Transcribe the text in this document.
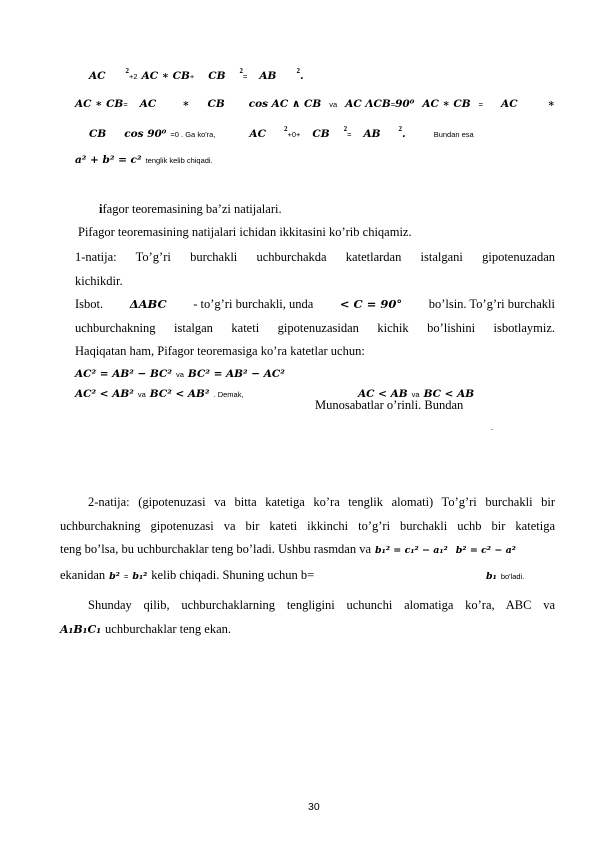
AC	$^2$+2 AC ∗ CB+ CB $^2$= AB	$^2$.
AC ∗ CB= AC ∗ CB cos AC ∧ CB va AC ΛCB=90⁰ AC ∗ CB = AC	∗
CB cos 90⁰ =0 . Ga ko'ra,	AC	$^2$+0+ CB $^2$= AB	$^2$.	Bundan esa
a² + b² = c² tenglik kelib chiqadi.
ifagor teoremasining ba’zi natijalari.
Pifagor teoremasining natijalari ichidan ikkitasini ko’rib chiqamiz.
1-natija: To’g’ri burchakli uchburchakda katetlardan istalgani gipotenuzadan
kichikdir.
Isbot. ΔABC - to’g’ri burchakli, unda < C = 90° bo’lsin. To’g’ri burchakli
uchburchakning istalgan kateti gipotenuzasidan kichik bo’lishini isbotlaymiz.
Haqiqatan ham, Pifagor teoremasiga ko’ra katetlar uchun:
AC² = AB² − BC² va BC² = AB² − AC²
AC² < AB² va BC² < AB² . Demak,	AC < AB va BC < AB
Munosabatlar o’rinli. Bundan
.
2-natija: (gipotenuzasi va bitta katetiga ko’ra tenglik alomati) To’g’ri burchakli bir
uchburchakning gipotenuzasi va bir kateti ikkinchi to’g’ri burchakli uchb bir katetiga
teng bo’lsa, bu uchburchaklar teng bo’ladi. Ushbu rasmdan va b₁² = c₁² − a₁² b² = c² − a²
ekanidan b² = b₁² kelib chiqadi. Shuning uchun b=	b₁ bo'ladi.
Shunday qilib, uchburchaklarning tengligini uchunchi alomatiga ko’ra, ABC va
A₁B₁C₁ uchburchaklar teng ekan.
30
